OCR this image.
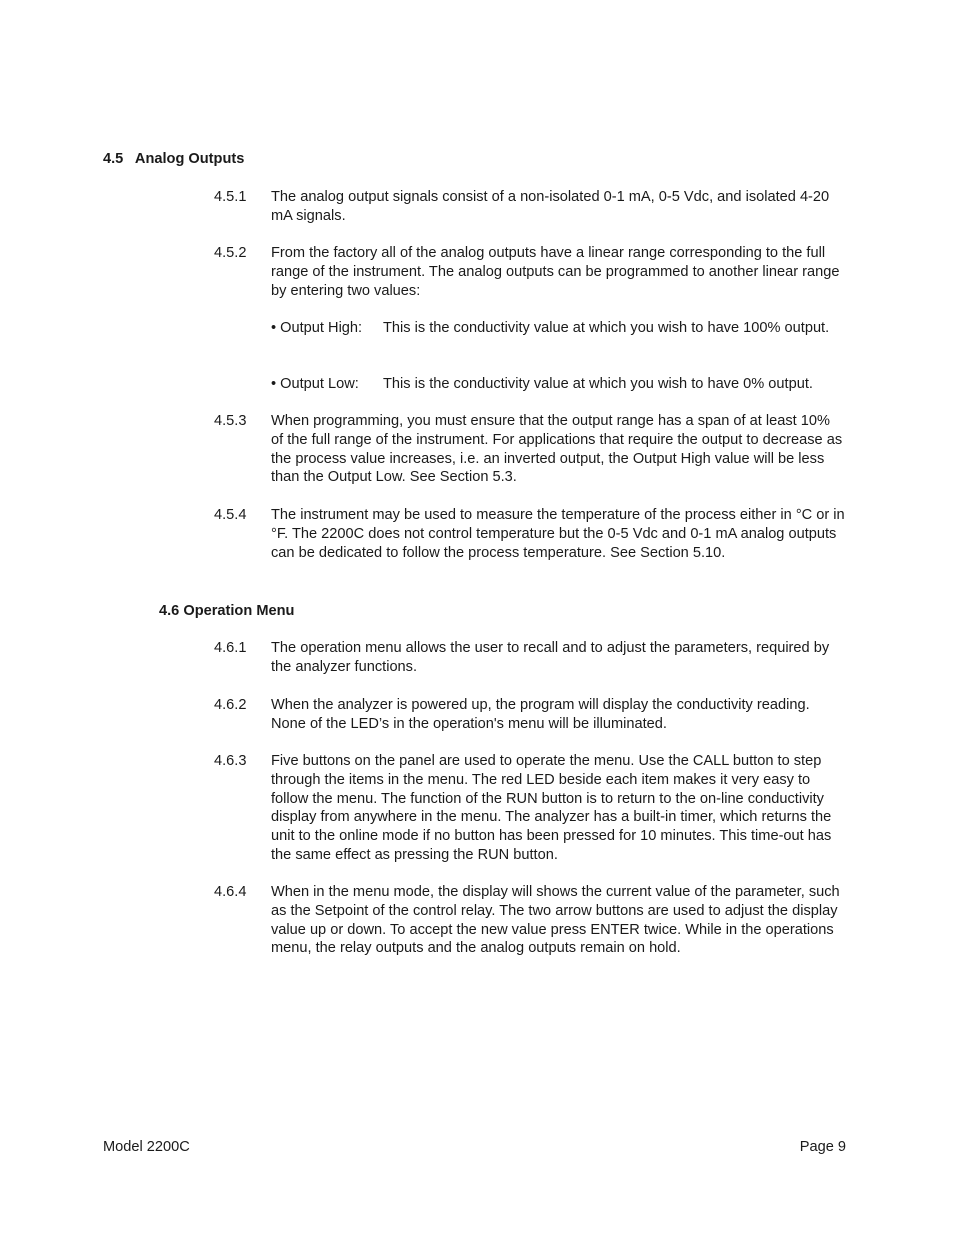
4.5   Analog Outputs
4.5.1	The analog output signals consist of a non-isolated 0-1 mA, 0-5 Vdc, and isolated 4-20 mA signals.
4.5.2	From the factory all of the analog outputs have a linear range corresponding to the full range of the instrument. The analog outputs can be programmed to another linear range by entering two values:
• Output High:	This is the conductivity value at which you wish to have 100% output.
• Output Low:	This is the conductivity value at which you wish to have 0% output.
4.5.3	When programming, you must ensure that the output range has a span of at least 10% of the full range of the instrument. For applications that require the output to decrease as the process value increases, i.e. an inverted output, the Output High value will be less than the Output Low. See Section 5.3.
4.5.4	The instrument may be used to measure the temperature of the process either in °C or in °F. The 2200C does not control temperature but the 0-5 Vdc and 0-1 mA analog outputs can be dedicated to follow the process temperature. See Section 5.10.
4.6 Operation Menu
4.6.1	The operation menu allows the user to recall and to adjust the parameters, required by the analyzer functions.
4.6.2	When the analyzer is powered up, the program will display the conductivity reading. None of the LED’s in the operation's menu will be illuminated.
4.6.3	Five buttons on the panel are used to operate the menu. Use the CALL button to step through the items in the menu. The red LED beside each item makes it very easy to follow the menu. The function of the RUN button is to return to the on-line conductivity display from anywhere in the menu. The analyzer has a built-in timer, which returns the unit to the online mode if no button has been pressed for 10 minutes. This time-out has the same effect as pressing the RUN button.
4.6.4	When in the menu mode, the display will shows the current value of the parameter, such as the Setpoint of the control relay. The two arrow buttons are used to adjust the display value up or down. To accept the new value press ENTER twice. While in the operations menu, the relay outputs and the analog outputs remain on hold.
Model 2200C	Page 9
